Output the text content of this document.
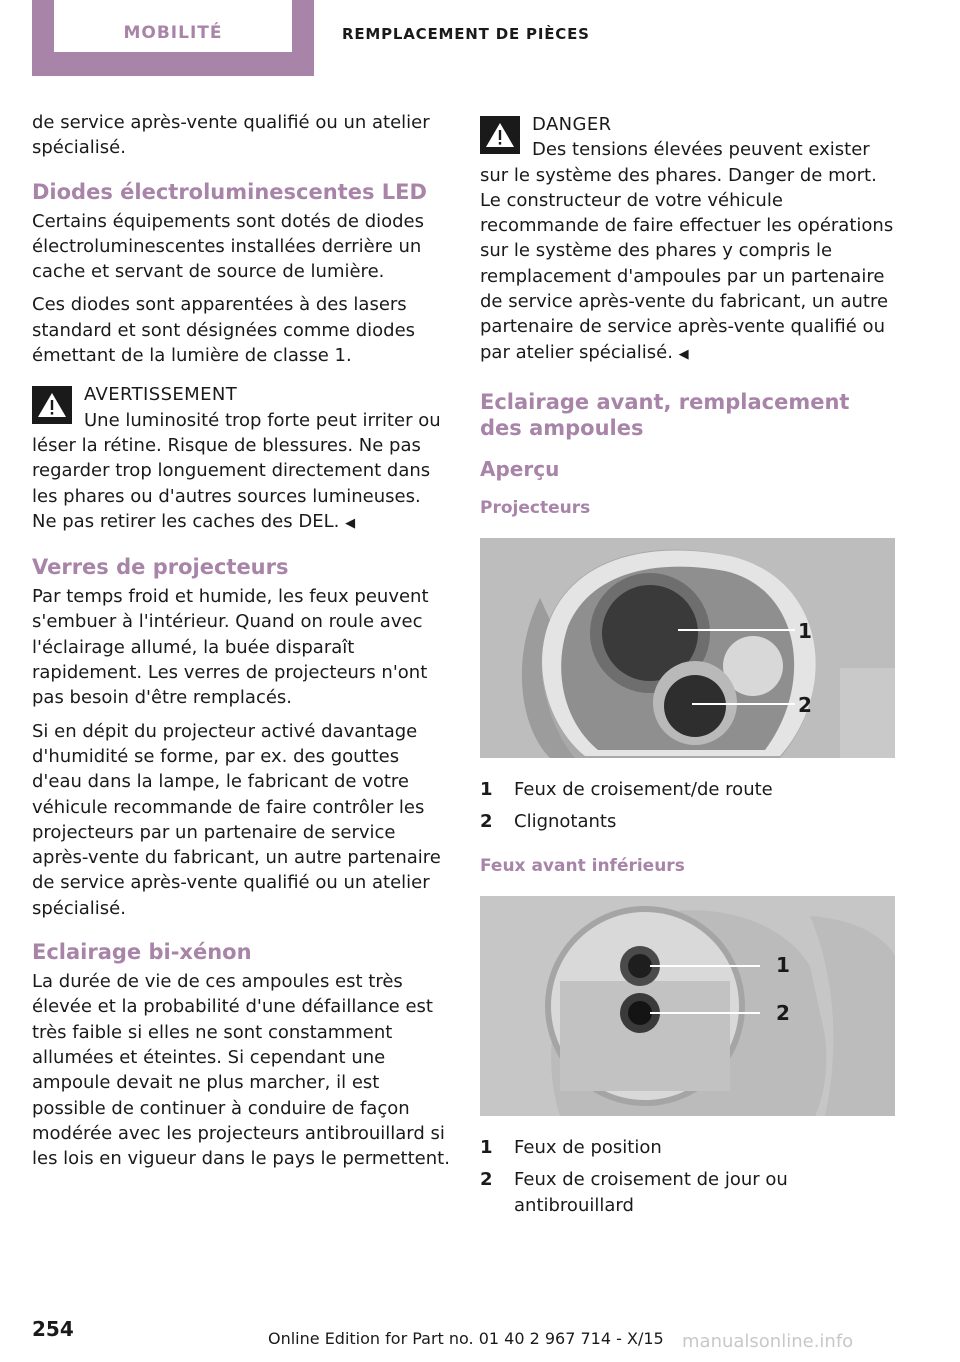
MOBILITÉ	REMPLACEMENT DE PIÈCES

de service après-vente qualifié ou un atelier spécialisé.

Diodes électroluminescentes LED

Certains équipements sont dotés de diodes électroluminescentes installées derrière un cache et servant de source de lumière.

Ces diodes sont apparentées à des lasers standard et sont désignées comme diodes émettant de la lumière de classe 1.

AVERTISSEMENT
Une luminosité trop forte peut irriter ou léser la rétine. Risque de blessures. Ne pas regarder trop longuement directement dans les phares ou d'autres sources lumineuses. Ne pas retirer les caches des DEL. ◀
Verres de projecteurs

Par temps froid et humide, les feux peuvent s'embuer à l'intérieur. Quand on roule avec l'éclairage allumé, la buée disparaît rapidement. Les verres de projecteurs n'ont pas besoin d'être remplacés.

Si en dépit du projecteur activé davantage d'humidité se forme, par ex. des gouttes d'eau dans la lampe, le fabricant de votre véhicule recommande de faire contrôler les projecteurs par un partenaire de service après-vente du fabricant, un autre partenaire de service après-vente qualifié ou un atelier spécialisé.

Eclairage bi-xénon

La durée de vie de ces ampoules est très élevée et la probabilité d'une défaillance est très faible si elles ne sont constamment allumées et éteintes. Si cependant une ampoule devait ne plus marcher, il est possible de continuer à conduire de façon modérée avec les projecteurs antibrouillard si les lois en vigueur dans le pays le permettent.

DANGER
Des tensions élevées peuvent exister sur le système des phares. Danger de mort. Le constructeur de votre véhicule recommande de faire effectuer les opérations sur le système des phares y compris le remplacement d'ampoules par un partenaire de service après-vente du fabricant, un autre partenaire de service après-vente qualifié ou par atelier spécialisé. ◀
Eclairage avant, remplacement des ampoules
Aperçu
Projecteurs
1
2
1	Feux de croisement/de route
2	Clignotants
Feux avant inférieurs
1
2
1	Feux de position
2	Feux de croisement de jour ou antibrouillard
254	Online Edition for Part no. 01 40 2 967 714 - X/15 manualsonline.info
